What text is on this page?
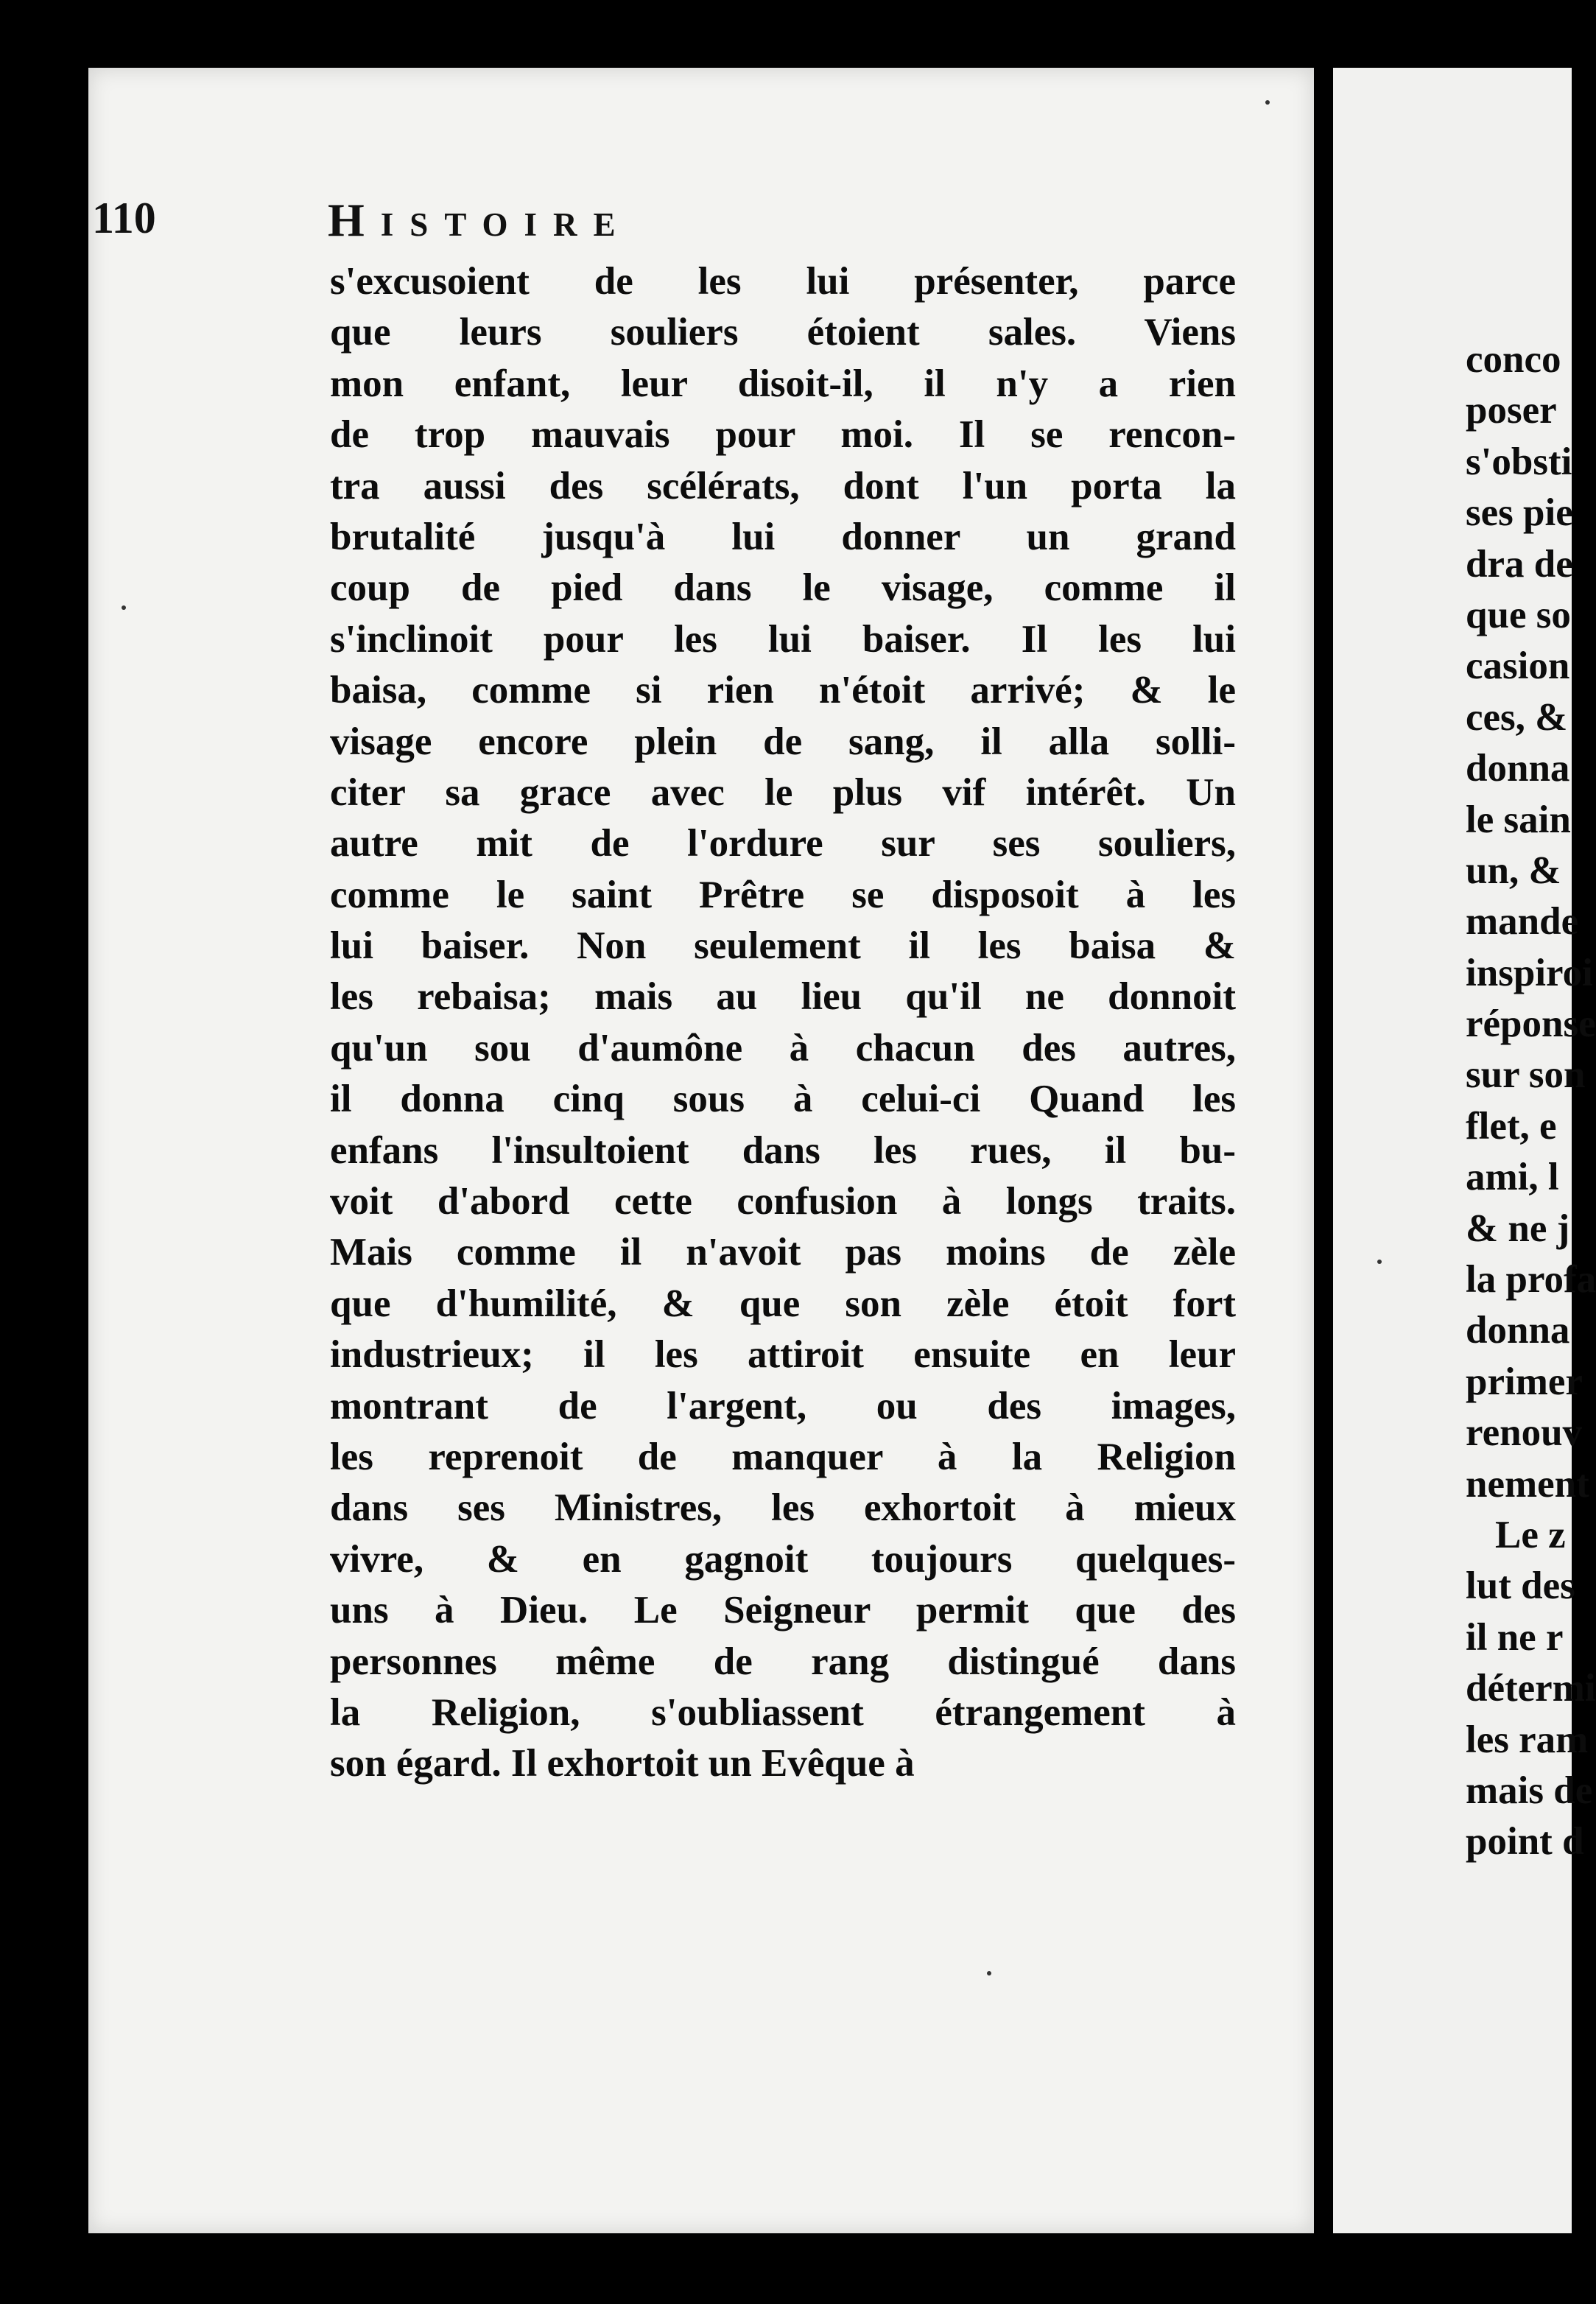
conco
poser
s'obsti
ses pie
dra de
que so
casion
ces, &
donna
le sain
un, &
mande
inspiroi
réponse
sur son
flet, e
ami, l
& ne j
la profa
donna
primer
renouv
nement
Le z
lut des
il ne r
détermi
les ram
mais de
point d
110	Histoire
s'excusoient de les lui présenter, parce
que leurs souliers étoient sales. Viens
mon enfant, leur disoit-il, il n'y a rien
de trop mauvais pour moi. Il se rencon-
tra aussi des scélérats, dont l'un porta la
brutalité jusqu'à lui donner un grand
coup de pied dans le visage, comme il
s'inclinoit pour les lui baiser. Il les lui
baisa, comme si rien n'étoit arrivé; & le
visage encore plein de sang, il alla solli-
citer sa grace avec le plus vif intérêt. Un
autre mit de l'ordure sur ses souliers,
comme le saint Prêtre se disposoit à les
lui baiser. Non seulement il les baisa &
les rebaisa; mais au lieu qu'il ne donnoit
qu'un sou d'aumône à chacun des autres,
il donna cinq sous à celui-ci Quand les
enfans l'insultoient dans les rues, il bu-
voit d'abord cette confusion à longs traits.
Mais comme il n'avoit pas moins de zèle
que d'humilité, & que son zèle étoit fort
industrieux; il les attiroit ensuite en leur
montrant de l'argent, ou des images,
les reprenoit de manquer à la Religion
dans ses Ministres, les exhortoit à mieux
vivre, & en gagnoit toujours quelques-
uns à Dieu. Le Seigneur permit que des
personnes même de rang distingué dans
la Religion, s'oubliassent étrangement à
son égard. Il exhortoit un Evêque à
